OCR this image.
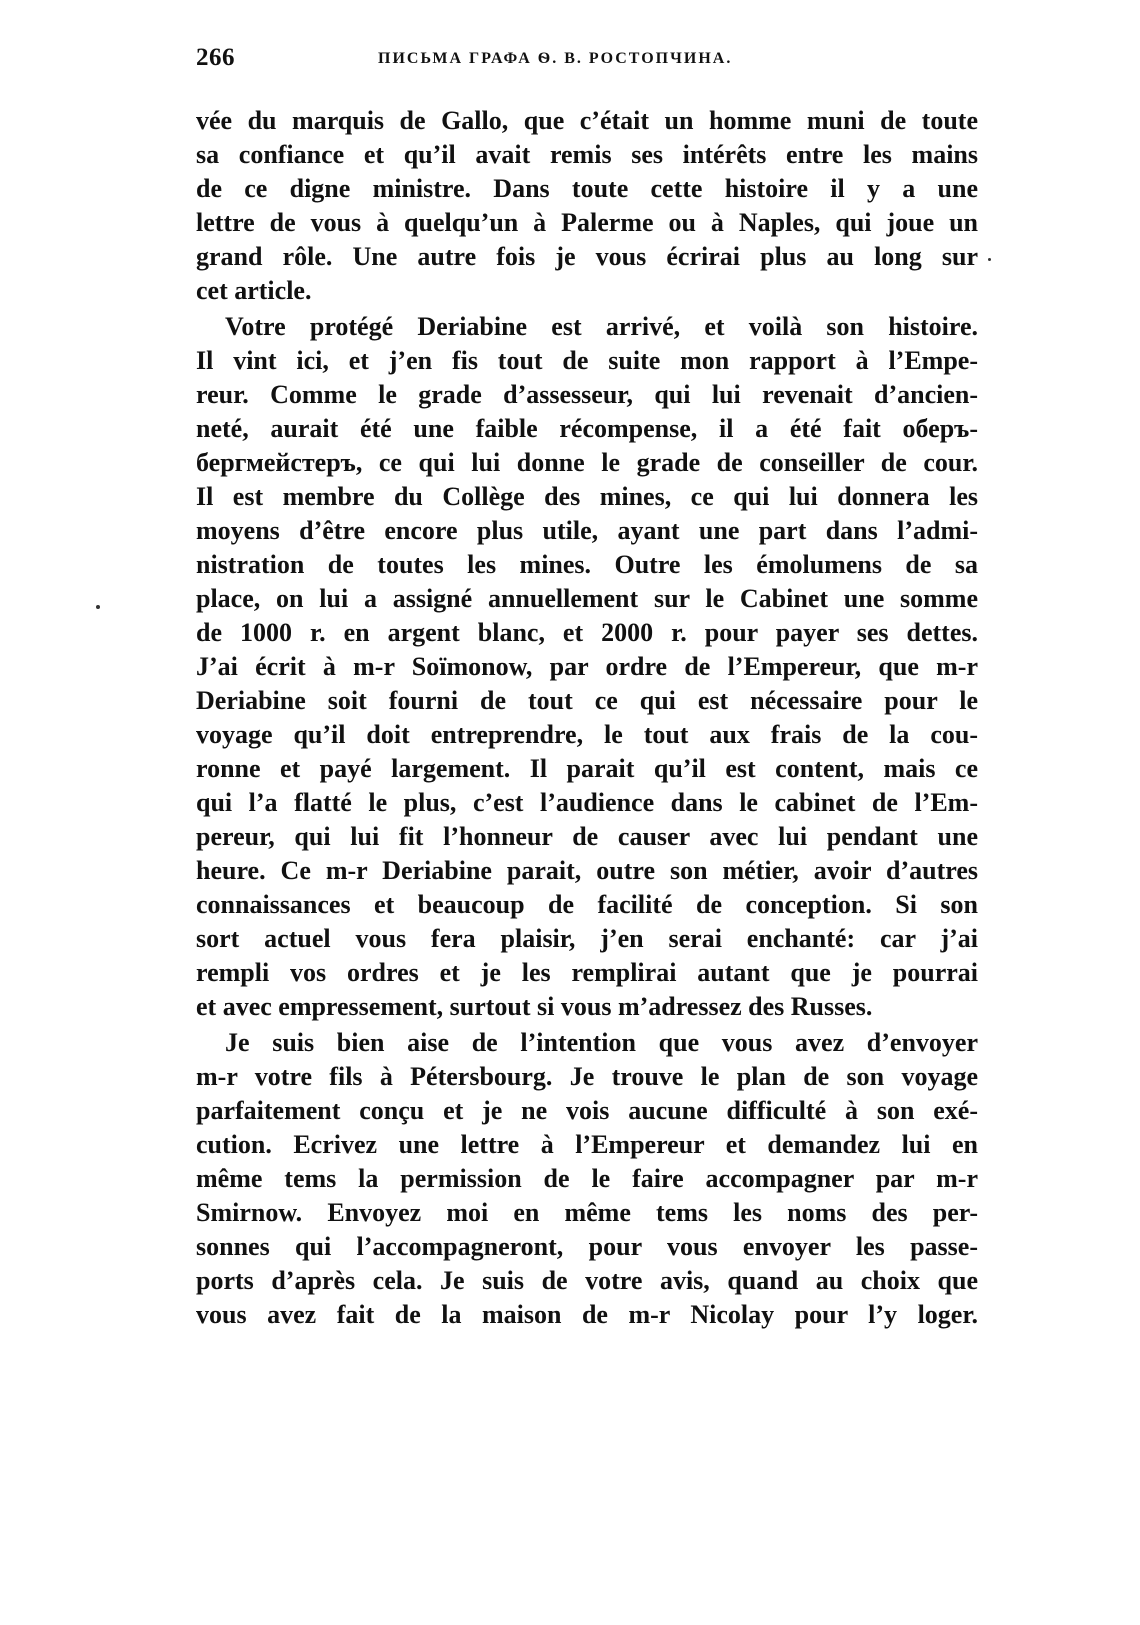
266	ПИСЬМА ГРАФА Ѳ. В. РОСТОПЧИНА.
vée du marquis de Gallo, que c’était un homme muni de toute
sa confiance et qu’il avait remis ses intérêts entre les mains
de ce digne ministre. Dans toute cette histoire il y a une
lettre de vous à quelqu’un à Palerme ou à Naples, qui joue un
grand rôle. Une autre fois je vous écrirai plus au long sur
cet article.
Votre protégé Deriabine est arrivé, et voilà son histoire.
Il vint ici, et j’en fis tout de suite mon rapport à l’Empe-
reur. Comme le grade d’assesseur, qui lui revenait d’ancien-
neté, aurait été une faible récompense, il a été fait оберъ-
бергмейстеръ, ce qui lui donne le grade de conseiller de cour.
Il est membre du Collège des mines, ce qui lui donnera les
moyens d’être encore plus utile, ayant une part dans l’admi-
nistration de toutes les mines. Outre les émolumens de sa
place, on lui a assigné annuellement sur le Cabinet une somme
de 1000 r. en argent blanc, et 2000 r. pour payer ses dettes.
J’ai écrit à m-r Soïmonow, par ordre de l’Empereur, que m-r
Deriabine soit fourni de tout ce qui est nécessaire pour le
voyage qu’il doit entreprendre, le tout aux frais de la cou-
ronne et payé largement. Il parait qu’il est content, mais ce
qui l’a flatté le plus, c’est l’audience dans le cabinet de l’Em-
pereur, qui lui fit l’honneur de causer avec lui pendant une
heure. Ce m-r Deriabine parait, outre son métier, avoir d’autres
connaissances et beaucoup de facilité de conception. Si son
sort actuel vous fera plaisir, j’en serai enchanté: car j’ai
rempli vos ordres et je les remplirai autant que je pourrai
et avec empressement, surtout si vous m’adressez des Russes.
Je suis bien aise de l’intention que vous avez d’envoyer
m-r votre fils à Pétersbourg. Je trouve le plan de son voyage
parfaitement conçu et je ne vois aucune difficulté à son exé-
cution. Ecrivez une lettre à l’Empereur et demandez lui en
même tems la permission de le faire accompagner par m-r
Smirnow. Envoyez moi en même tems les noms des per-
sonnes qui l’accompagneront, pour vous envoyer les passe-
ports d’après cela. Je suis de votre avis, quand au choix que
vous avez fait de la maison de m-r Nicolay pour l’y loger.
